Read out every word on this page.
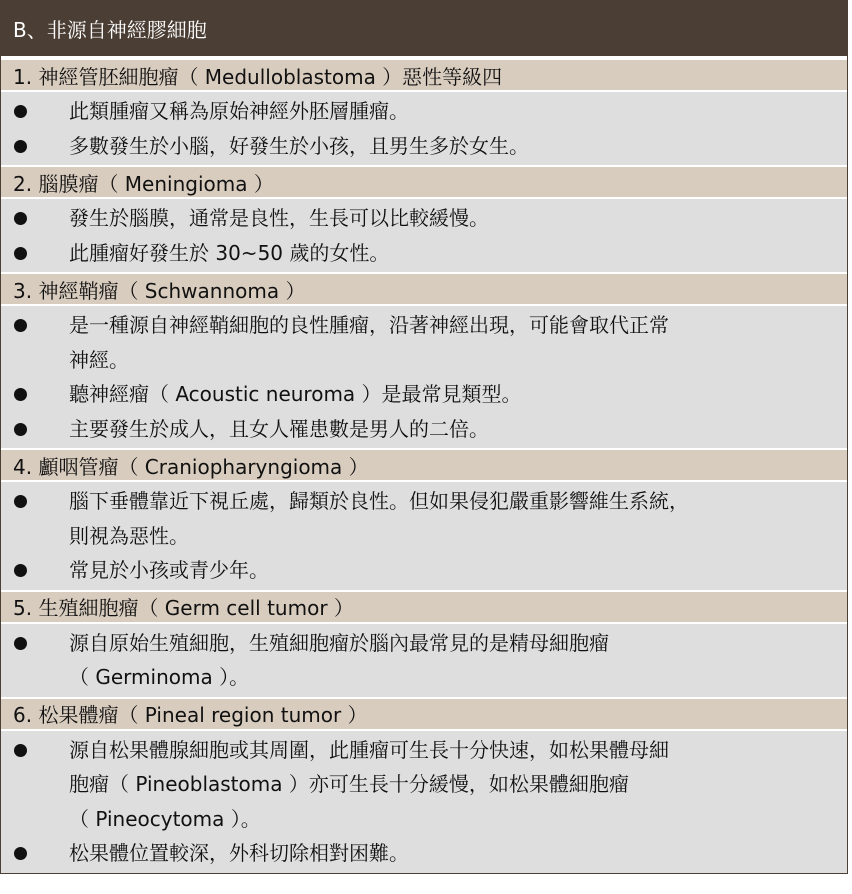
B、非源自神經膠細胞
1. 神經管胚細胞瘤（ Medulloblastoma ）惡性等級四
此類腫瘤又稱為原始神經外胚層腫瘤。
多數發生於小腦，好發生於小孩，且男生多於女生。
2. 腦膜瘤（ Meningioma ）
發生於腦膜，通常是良性，生長可以比較緩慢。
此腫瘤好發生於 30~50 歲的女性。
3. 神經鞘瘤（ Schwannoma ）
是一種源自神經鞘細胞的良性腫瘤，沿著神經出現，可能會取代正常
神經。
聽神經瘤（ Acoustic neuroma ）是最常見類型。
主要發生於成人，且女人罹患數是男人的二倍。
4. 顱咽管瘤（ Craniopharyngioma ）
腦下垂體靠近下視丘處，歸類於良性。但如果侵犯嚴重影響維生系統，
則視為惡性。
常見於小孩或青少年。
5. 生殖細胞瘤（ Germ cell tumor ）
源自原始生殖細胞，生殖細胞瘤於腦內最常見的是精母細胞瘤
（ Germinoma ）。
6. 松果體瘤（ Pineal region tumor ）
源自松果體腺細胞或其周圍，此腫瘤可生長十分快速，如松果體母細
胞瘤（ Pineoblastoma ）亦可生長十分緩慢，如松果體細胞瘤
（ Pineocytoma ）。
松果體位置較深，外科切除相對困難。
